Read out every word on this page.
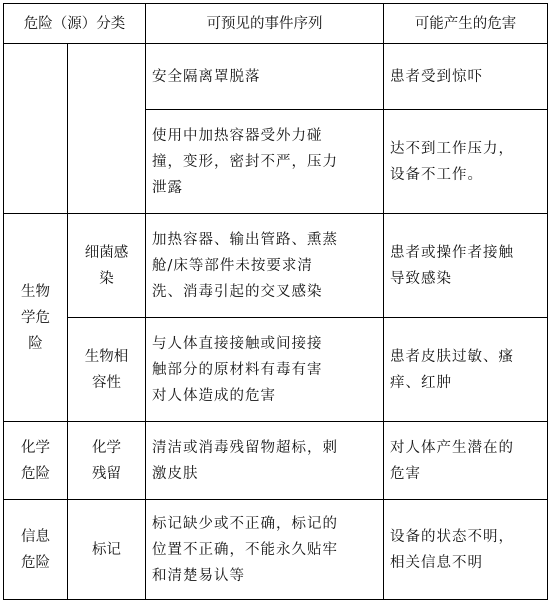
危险（源）分类		可预见的事件序列	可能产生的危害

		安全隔离罩脱落	患者受到惊吓

		使用中加热容器受外力碰
撞，变形，密封不严，压力
泄露	达不到工作压力，
设备不工作。

生物
学危
险	细菌感
染	加热容器、输出管路、熏蒸
舱/床等部件未按要求清
洗、消毒引起的交叉感染	患者或操作者接触
导致感染

	生物相
容性	与人体直接接触或间接接
触部分的原材料有毒有害
对人体造成的危害	患者皮肤过敏、瘙
痒、红肿

化学
危险	化学
残留	清洁或消毒残留物超标，刺
激皮肤	对人体产生潜在的
危害

信息
危险	标记	标记缺少或不正确，标记的
位置不正确，不能永久贴牢
和清楚易认等	设备的状态不明，
相关信息不明
